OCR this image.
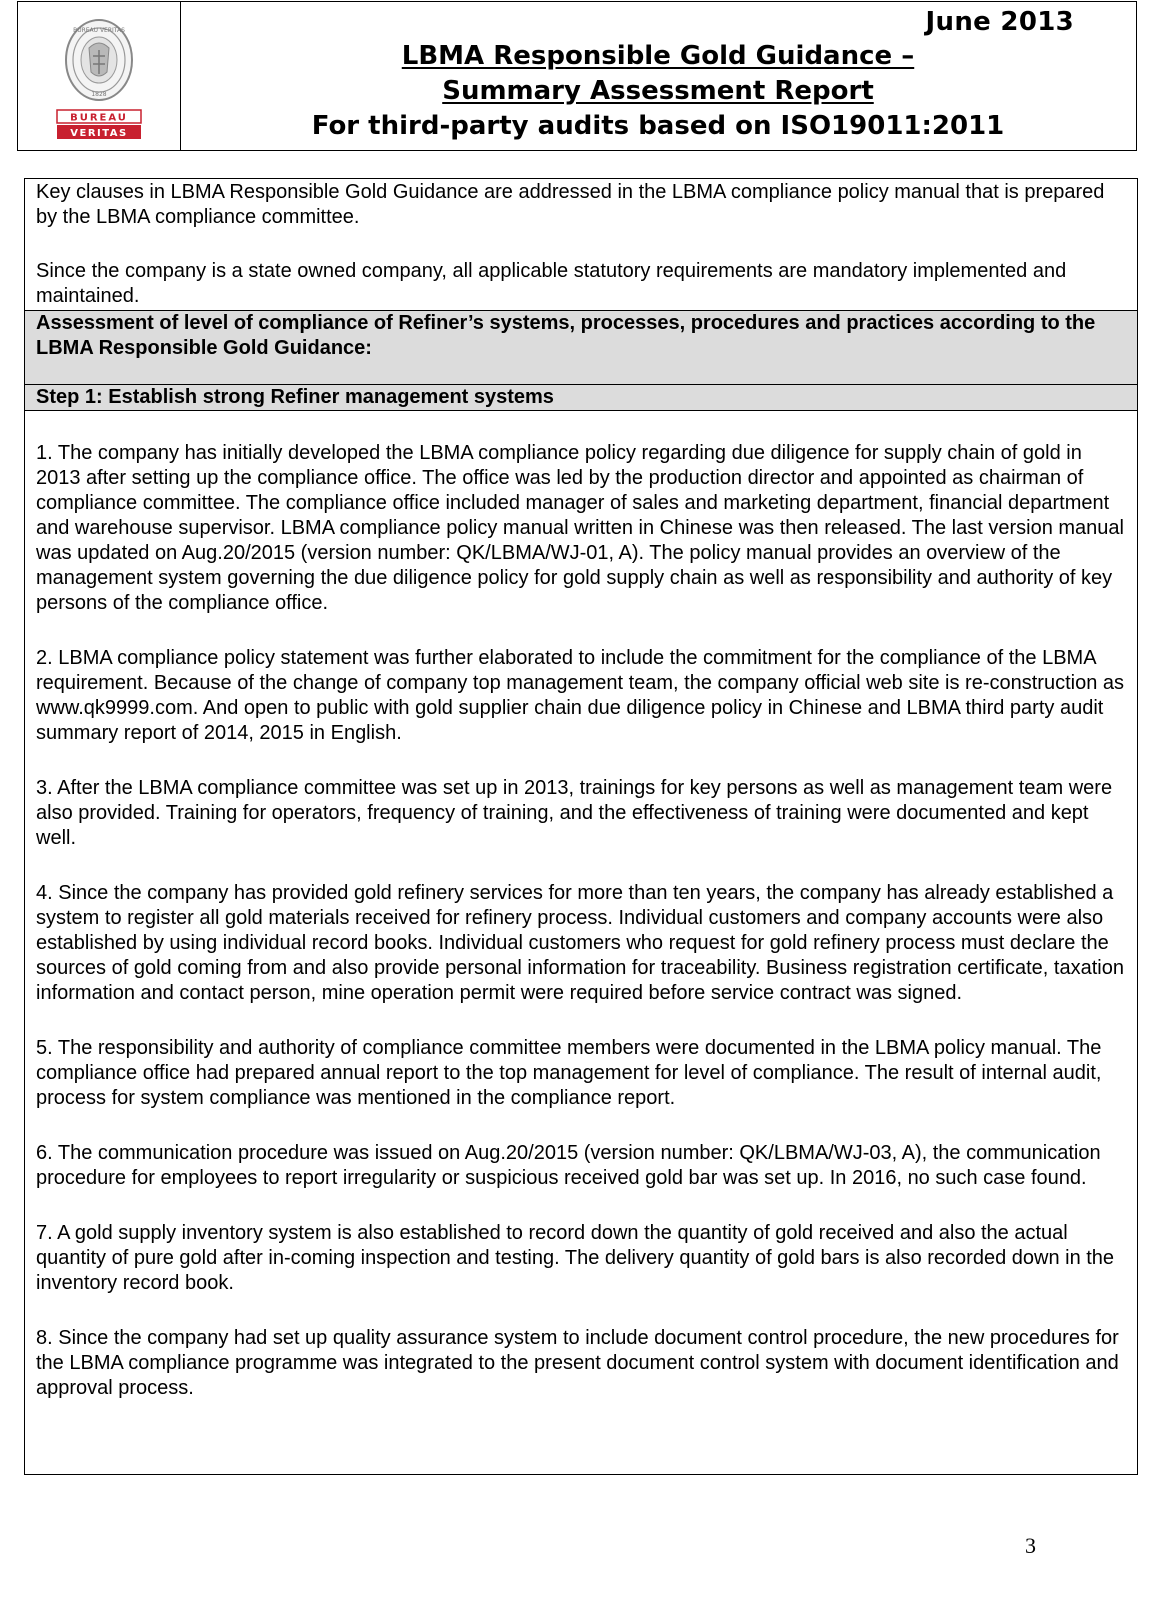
BUREAU VERITAS
1828
BUREAU
VERITAS
June 2013
LBMA Responsible Gold Guidance –
Summary Assessment Report
For third-party audits based on ISO19011:2011

Key clauses in LBMA Responsible Gold Guidance are addressed in the LBMA compliance policy manual that is prepared by the LBMA compliance committee.

Since the company is a state owned company, all applicable statutory requirements are mandatory implemented and maintained.

Assessment of level of compliance of Refiner’s systems, processes, procedures and practices according to the LBMA Responsible Gold Guidance:
Step 1: Establish strong Refiner management systems

1. The company has initially developed the LBMA compliance policy regarding due diligence for supply chain of gold in 2013 after setting up the compliance office. The office was led by the production director and appointed as chairman of compliance committee. The compliance office included manager of sales and marketing department, financial department and warehouse supervisor. LBMA compliance policy manual written in Chinese was then released. The last version manual was updated on Aug.20/2015 (version number: QK/LBMA/WJ-01, A). The policy manual provides an overview of the management system governing the due diligence policy for gold supply chain as well as responsibility and authority of key persons of the compliance office.

2. LBMA compliance policy statement was further elaborated to include the commitment for the compliance of the LBMA requirement. Because of the change of company top management team, the company official web site is re-construction as www.qk9999.com. And open to public with gold supplier chain due diligence policy in Chinese and LBMA third party audit summary report of 2014, 2015 in English.

3. After the LBMA compliance committee was set up in 2013, trainings for key persons as well as management team were also provided. Training for operators, frequency of training, and the effectiveness of training were documented and kept well.

4. Since the company has provided gold refinery services for more than ten years, the company has already established a system to register all gold materials received for refinery process. Individual customers and company accounts were also established by using individual record books. Individual customers who request for gold refinery process must declare the sources of gold coming from and also provide personal information for traceability. Business registration certificate, taxation information and contact person, mine operation permit were required before service contract was signed.

5. The responsibility and authority of compliance committee members were documented in the LBMA policy manual. The compliance office had prepared annual report to the top management for level of compliance. The result of internal audit, process for system compliance was mentioned in the compliance report.

6. The communication procedure was issued on Aug.20/2015 (version number: QK/LBMA/WJ-03, A), the communication procedure for employees to report irregularity or suspicious received gold bar was set up. In 2016, no such case found.

7. A gold supply inventory system is also established to record down the quantity of gold received and also the actual quantity of pure gold after in-coming inspection and testing. The delivery quantity of gold bars is also recorded down in the inventory record book.

8. Since the company had set up quality assurance system to include document control procedure, the new procedures for the LBMA compliance programme was integrated to the present document control system with document identification and approval process.

3
